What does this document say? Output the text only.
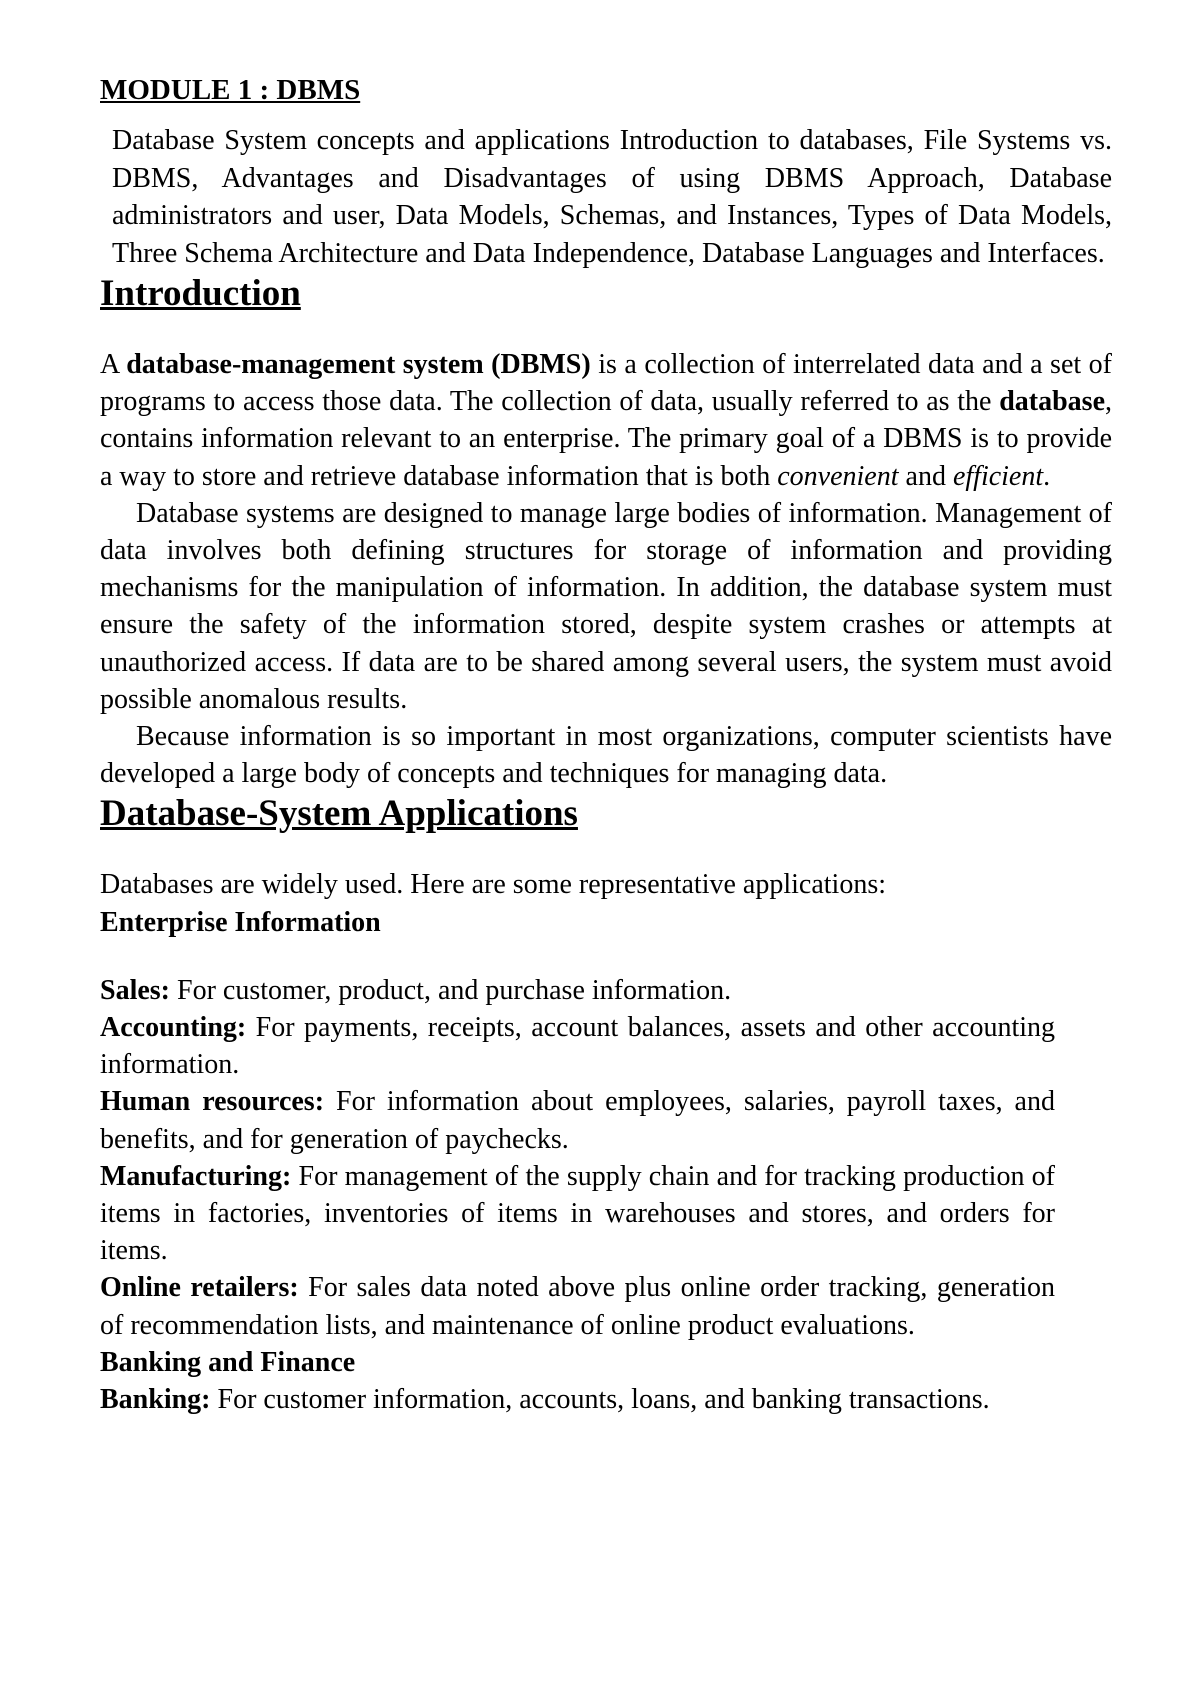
MODULE 1 : DBMS

Database System concepts and applications Introduction to databases, File Systems vs. DBMS, Advantages and Disadvantages of using DBMS Approach, Database administrators and user, Data Models, Schemas, and Instances, Types of Data Models, Three Schema Architecture and Data Independence, Database Languages and Interfaces.

Introduction

A database-management system (DBMS) is a collection of interrelated data and a set of programs to access those data. The collection of data, usually referred to as the database, contains information relevant to an enterprise. The primary goal of a DBMS is to provide a way to store and retrieve database information that is both convenient and efficient.

Database systems are designed to manage large bodies of information. Management of data involves both defining structures for storage of information and providing mechanisms for the manipulation of information. In addition, the database system must ensure the safety of the information stored, despite system crashes or attempts at unauthorized access. If data are to be shared among several users, the system must avoid possible anomalous results.

Because information is so important in most organizations, computer scientists have developed a large body of concepts and techniques for managing data.

Database-System Applications

Databases are widely used. Here are some representative applications:

Enterprise Information

Sales: For customer, product, and purchase information.

Accounting: For payments, receipts, account balances, assets and other accounting information.

Human resources: For information about employees, salaries, payroll taxes, and benefits, and for generation of paychecks.

Manufacturing: For management of the supply chain and for tracking production of items in factories, inventories of items in warehouses and stores, and orders for items.

Online retailers: For sales data noted above plus online order tracking, generation of recommendation lists, and maintenance of online product evaluations.

Banking and Finance

Banking: For customer information, accounts, loans, and banking transactions.
